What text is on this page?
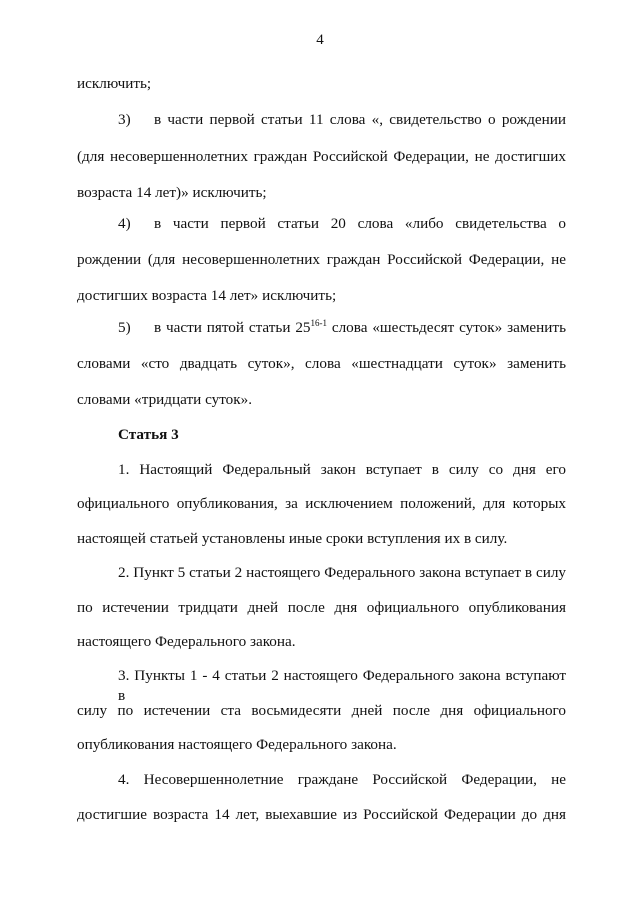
4
исключить;
3) в части первой статьи 11 слова «, свидетельство о рождении
(для несовершеннолетних граждан Российской Федерации, не достигших
возраста 14 лет)» исключить;
4) в части первой статьи 20 слова «либо свидетельства о
рождении (для несовершеннолетних граждан Российской Федерации, не
достигших возраста 14 лет» исключить;
5) в части пятой статьи 25$^{16-1}$ слова «шестьдесят суток» заменить
словами «сто двадцать суток», слова «шестнадцати суток» заменить
словами «тридцати суток».
Статья 3
1. Настоящий Федеральный закон вступает в силу со дня его
официального опубликования, за исключением положений, для которых
настоящей статьей установлены иные сроки вступления их в силу.
2. Пункт 5 статьи 2 настоящего Федерального закона вступает в силу
по истечении тридцати дней после дня официального опубликования
настоящего Федерального закона.
3. Пункты 1 - 4 статьи 2 настоящего Федерального закона вступают в
силу по истечении ста восьмидесяти дней после дня официального
опубликования настоящего Федерального закона.
4. Несовершеннолетние граждане Российской Федерации, не
достигшие возраста 14 лет, выехавшие из Российской Федерации до дня
